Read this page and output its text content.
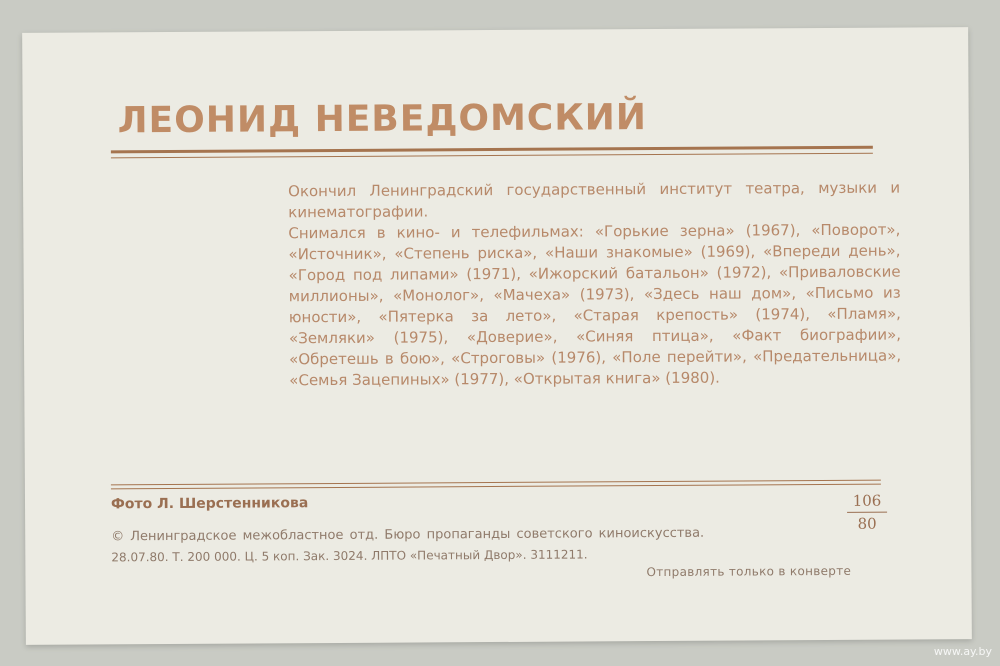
ЛЕОНИД НЕВЕДОМСКИЙ

Окончил Ленинградский государственный институт театра, музыки и кинематографии.

Снимался в кино- и телефильмах: «Горькие зерна» (1967), «Поворот», «Источник», «Степень риска», «Наши знакомые» (1969), «Впереди день», «Город под липами» (1971), «Ижорский батальон» (1972), «Приваловские миллионы», «Монолог», «Мачеха» (1973), «Здесь наш дом», «Письмо из юности», «Пятерка за лето», «Старая крепость» (1974), «Пламя», «Земляки» (1975), «Доверие», «Синяя птица», «Факт биографии», «Обретешь в бою», «Строговы» (1976), «Поле перейти», «Предательница», «Семья Зацепиных» (1977), «Открытая книга» (1980).

Фото Л. Шерстенникова	106
80
© Ленинградское межобластное отд. Бюро пропаганды советского киноискусства.
28.07.80. Т. 200 000. Ц. 5 коп. Зак. 3024. ЛПТО «Печатный Двор». 3111211.
Отправлять только в конверте
www.ay.by
